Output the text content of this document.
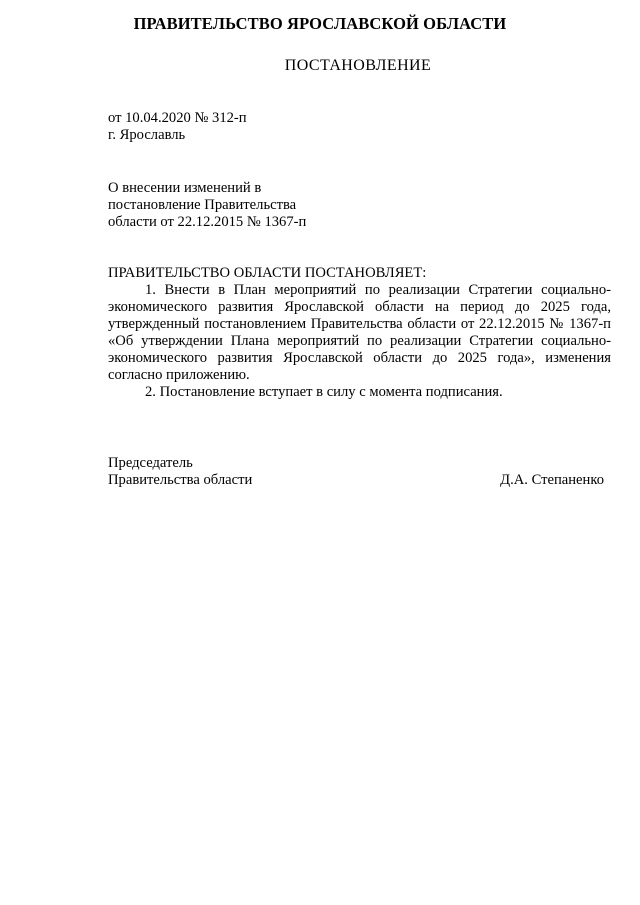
ПРАВИТЕЛЬСТВО ЯРОСЛАВСКОЙ ОБЛАСТИ
ПОСТАНОВЛЕНИЕ
от 10.04.2020 № 312-п
г. Ярославль
О внесении изменений в
постановление Правительства
области от 22.12.2015 № 1367-п
ПРАВИТЕЛЬСТВО ОБЛАСТИ ПОСТАНОВЛЯЕТ:

1. Внести в План мероприятий по реализации Стратегии социально-экономического развития Ярославской области на период до 2025 года, утвержденный постановлением Правительства области от 22.12.2015 № 1367-п «Об утверждении Плана мероприятий по реализации Стратегии социально-экономического развития Ярославской области до 2025 года», изменения согласно приложению.

2. Постановление вступает в силу с момента подписания.

Председатель
Правительства области	Д.А. Степаненко
